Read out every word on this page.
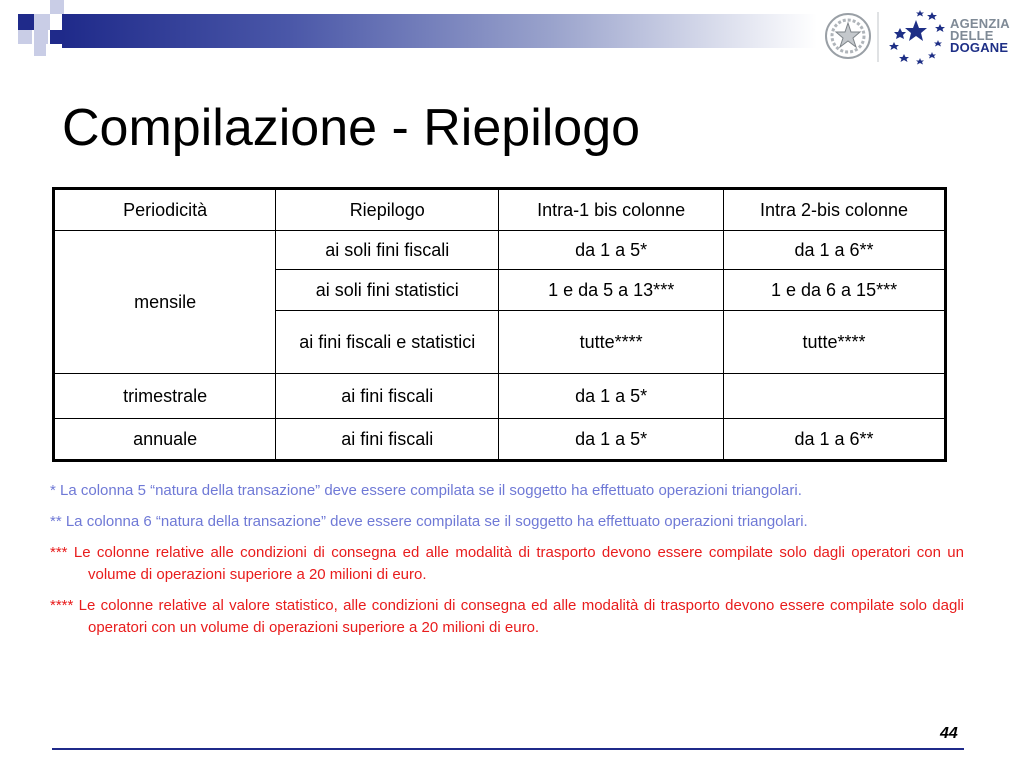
AGENZIA
DELLE
DOGANE
Compilazione - Riepilogo
Periodicità	Riepilogo	Intra-1 bis colonne	Intra 2-bis colonne
mensile	ai soli fini fiscali	da 1 a 5*	da 1 a 6**
	ai soli fini statistici	1 e da 5 a 13***	1 e da 6 a 15***
	ai fini fiscali e statistici	tutte****	tutte****
trimestrale	ai fini fiscali	da 1 a 5*	
annuale	ai fini fiscali	da 1 a 5*	da 1 a 6**

* La colonna 5 “natura della transazione” deve essere compilata se il soggetto ha effettuato operazioni triangolari.

** La colonna 6 “natura della transazione” deve essere compilata se il soggetto ha effettuato operazioni triangolari.

*** Le colonne relative alle condizioni di consegna ed alle modalità di trasporto devono essere compilate solo dagli operatori con un volume di operazioni superiore a 20 milioni di euro.

**** Le colonne relative al valore statistico, alle condizioni di consegna ed alle modalità di trasporto devono essere compilate solo dagli operatori con un volume di operazioni superiore a 20 milioni di euro.

44
